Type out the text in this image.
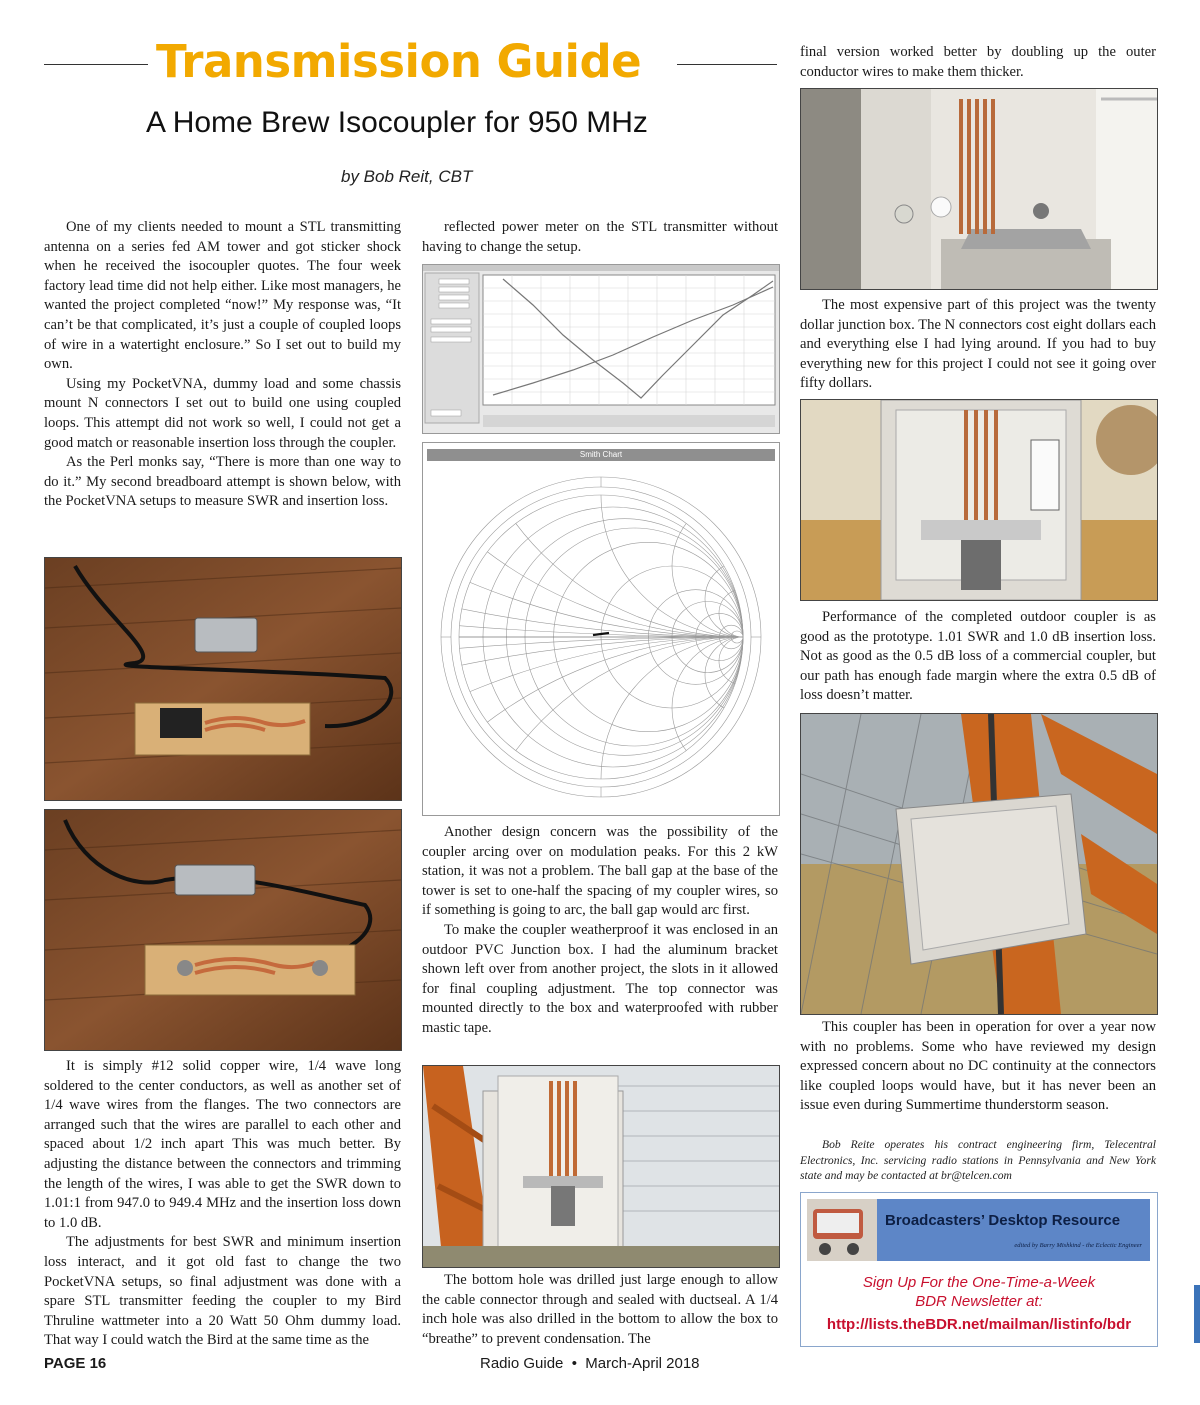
Transmission Guide
A Home Brew Isocoupler for 950 MHz
by Bob Reit, CBT

One of my clients needed to mount a STL transmitting antenna on a series fed AM tower and got sticker shock when he received the isocoupler quotes. The four week factory lead time did not help either. Like most managers, he wanted the project completed “now!” My response was, “It can’t be that complicated, it’s just a couple of coupled loops of wire in a watertight enclosure.” So I set out to build my own.

Using my PocketVNA, dummy load and some chassis mount N connectors I set out to build one using coupled loops. This attempt did not work so well, I could not get a good match or reasonable insertion loss through the coupler.

As the Perl monks say, “There is more than one way to do it.” My second breadboard attempt is shown below, with the PocketVNA setups to measure SWR and insertion loss.

It is simply #12 solid copper wire, 1/4 wave long soldered to the center conductors, as well as another set of 1/4 wave wires from the flanges. The two connectors are arranged such that the wires are parallel to each other and spaced about 1/2 inch apart This was much better. By adjusting the distance between the connectors and trimming the length of the wires, I was able to get the SWR down to 1.01:1 from 947.0 to 949.4 MHz and the insertion loss down to 1.0 dB.

The adjustments for best SWR and minimum insertion loss interact, and it got old fast to change the two PocketVNA setups, so final adjustment was done with a spare STL transmitter feeding the coupler to my Bird Thruline wattmeter into a 20 Watt 50 Ohm dummy load. That way I could watch the Bird at the same time as the

reflected power meter on the STL transmitter without having to change the setup.

Smith Chart

Another design concern was the possibility of the coupler arcing over on modulation peaks. For this 2 kW station, it was not a problem. The ball gap at the base of the tower is set to one-half the spacing of my coupler wires, so if something is going to arc, the ball gap would arc first.

To make the coupler weatherproof it was enclosed in an outdoor PVC Junction box. I had the aluminum bracket shown left over from another project, the slots in it allowed for final coupling adjustment. The top connector was mounted directly to the box and waterproofed with rubber mastic tape.

The bottom hole was drilled just large enough to allow the cable connector through and sealed with ductseal. A 1/4 inch hole was also drilled in the bottom to allow the box to “breathe” to prevent condensation. The

final version worked better by doubling up the outer conductor wires to make them thicker.

The most expensive part of this project was the twenty dollar junction box. The N connectors cost eight dollars each and everything else I had lying around. If you had to buy everything new for this project I could not see it going over fifty dollars.

Performance of the completed outdoor coupler is as good as the prototype. 1.01 SWR and 1.0 dB insertion loss. Not as good as the 0.5 dB loss of a commercial coupler, but our path has enough fade margin where the extra 0.5 dB of loss doesn’t matter.

This coupler has been in operation for over a year now with no problems. Some who have reviewed my design expressed concern about no DC continuity at the connectors like coupled loops would have, but it has never been an issue even during Summertime thunderstorm season.

Bob Reite operates his contract engineering firm, Telecentral Electronics, Inc. servicing radio stations in Pennsylvania and New York state and may be contacted at br@telcen.com
Broadcasters’ Desktop Resource
edited by Barry Mishkind - the Eclectic Engineer
Sign Up For the One-Time-a-Week
BDR Newsletter at:
http://lists.theBDR.net/mailman/listinfo/bdr
PAGE 16	Radio Guide  •  March-April 2018
